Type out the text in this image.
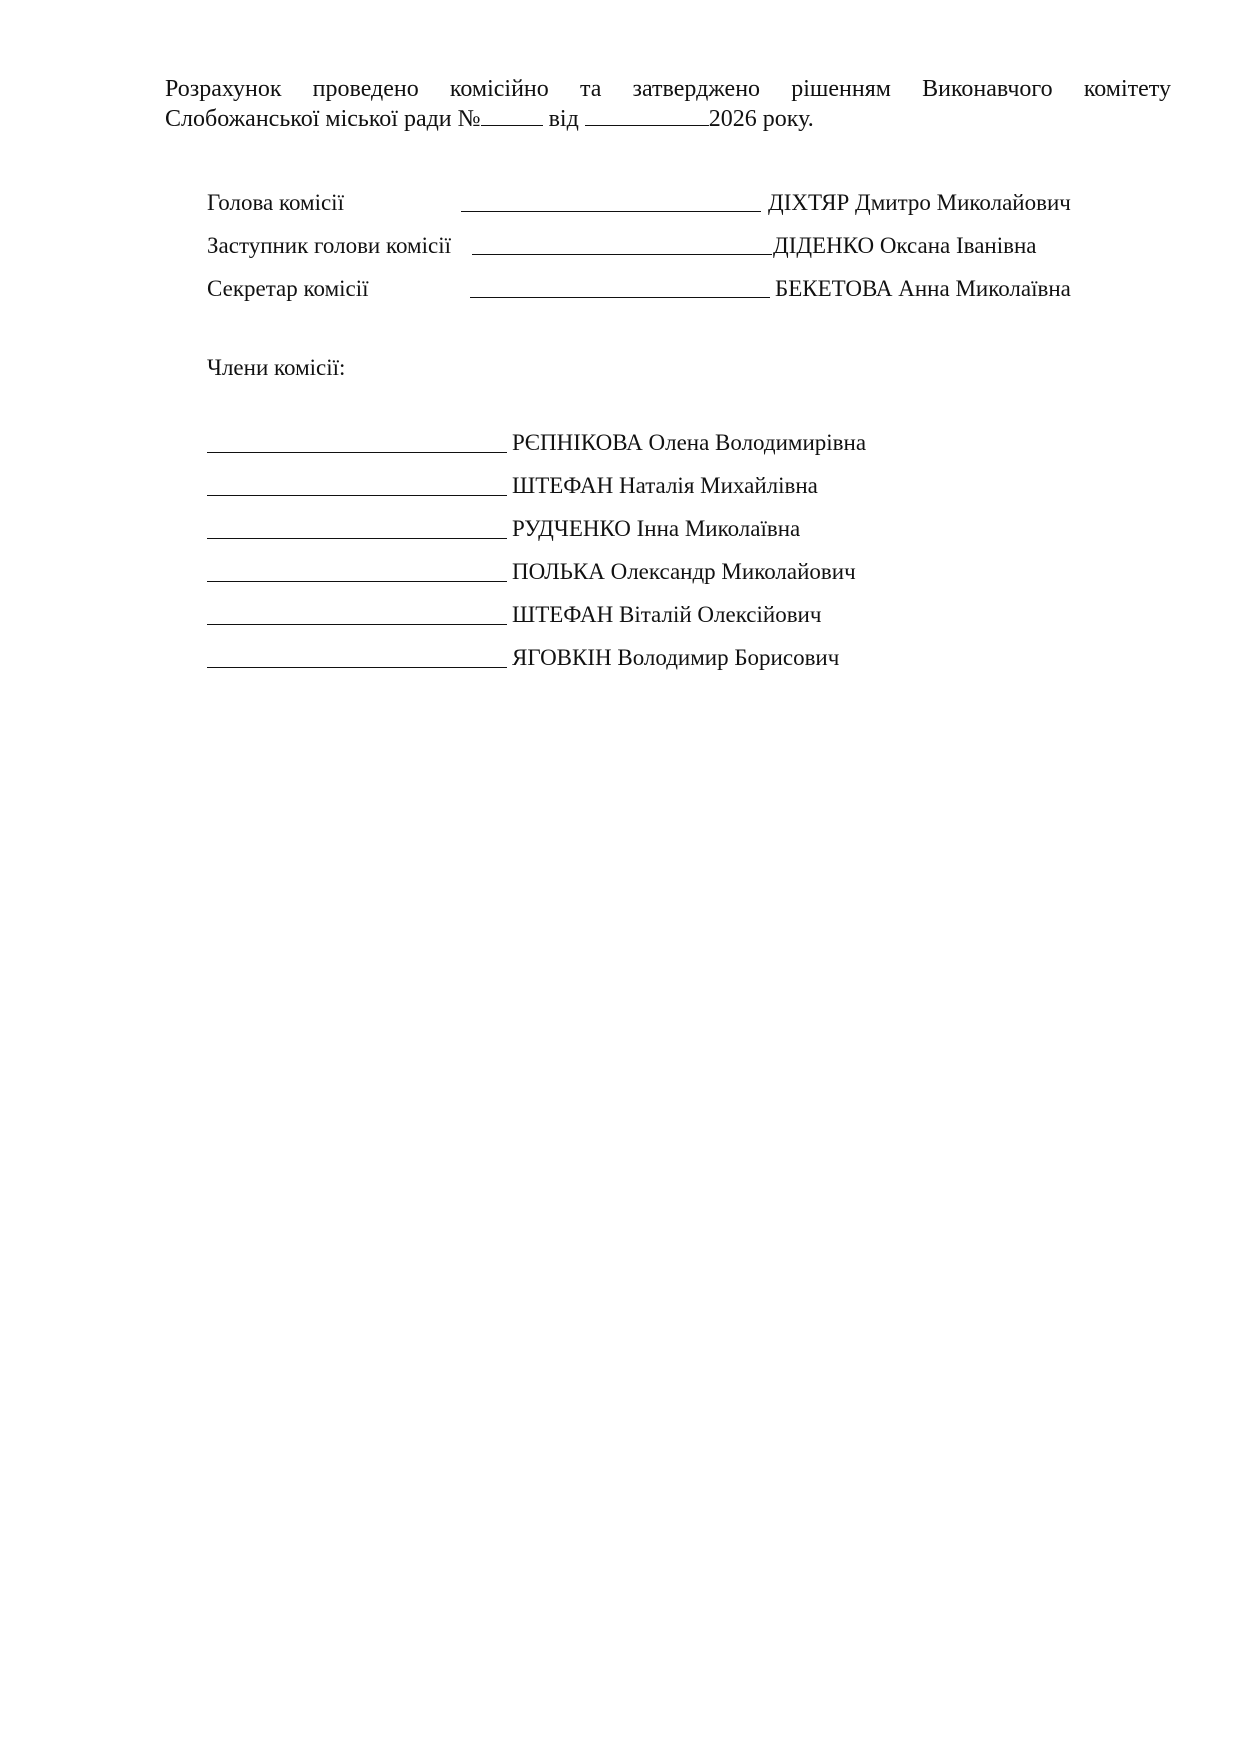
Розрахунок проведено комісійно та затверджено рішенням Виконавчого комітету
Слобожанської міської ради №	від	2026 року.
Голова комісії	ДІХТЯР Дмитро Миколайович
Заступник голови комісії	ДІДЕНКО Оксана Іванівна
Секретар комісії	БЕКЕТОВА Анна Миколаївна
Члени комісії:
РЄПНІКОВА Олена Володимирівна
ШТЕФАН Наталія Михайлівна
РУДЧЕНКО Інна Миколаївна
ПОЛЬКА Олександр Миколайович
ШТЕФАН Віталій Олексійович
ЯГОВКІН Володимир Борисович
